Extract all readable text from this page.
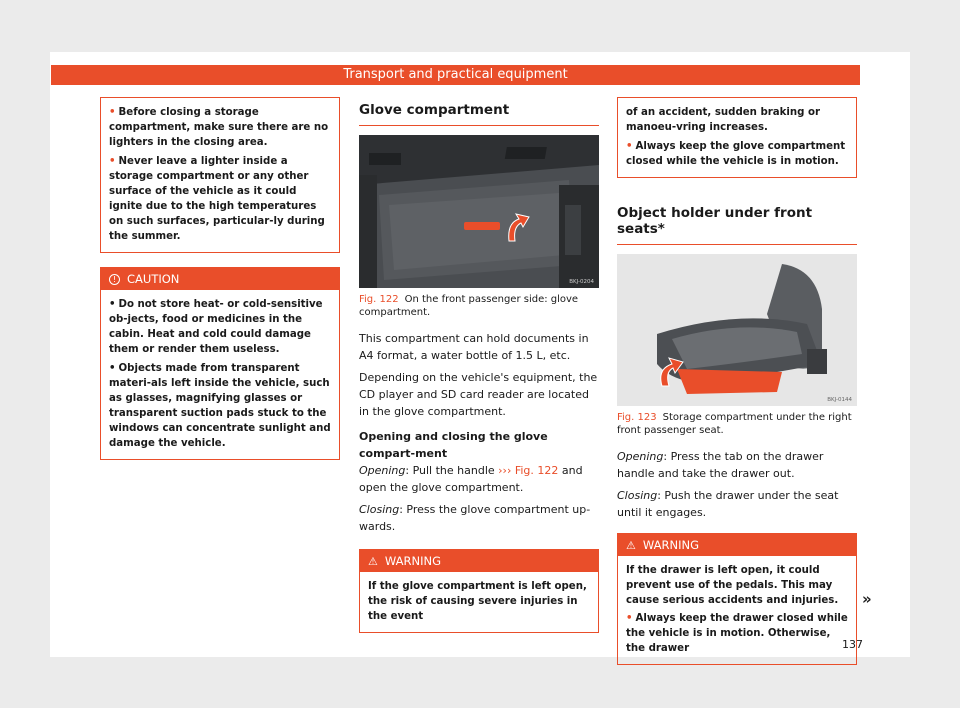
Transport and practical equipment
• Before closing a storage compartment, make sure there are no lighters in the closing area.
• Never leave a lighter inside a storage compartment or any other surface of the vehicle as it could ignite due to the high temperatures on such surfaces, particular-ly during the summer.
! CAUTION
• Do not store heat- or cold-sensitive ob-jects, food or medicines in the cabin. Heat and cold could damage them or render them useless.
• Objects made from transparent materi-als left inside the vehicle, such as glasses, magnifying glasses or transparent suction pads stuck to the windows can concentrate sunlight and damage the vehicle.
Glove compartment
BKJ-0204
Fig. 122 On the front passenger side: glove compartment.
This compartment can hold documents in A4 format, a water bottle of 1.5 L, etc.
Depending on the vehicle's equipment, the CD player and SD card reader are located in the glove compartment.
Opening and closing the glove compart-ment
Opening: Pull the handle ››› Fig. 122 and open the glove compartment.
Closing: Press the glove compartment up-wards.
⚠ WARNING
If the glove compartment is left open, the risk of causing severe injuries in the event
of an accident, sudden braking or manoeu-vring increases.
• Always keep the glove compartment closed while the vehicle is in motion.
Object holder under front seats*
BKJ-0144
Fig. 123 Storage compartment under the right front passenger seat.
Opening: Press the tab on the drawer handle and take the drawer out.
Closing: Push the drawer under the seat until it engages.
⚠ WARNING
If the drawer is left open, it could prevent use of the pedals. This may cause serious accidents and injuries.
• Always keep the drawer closed while the vehicle is in motion. Otherwise, the drawer
»
137
